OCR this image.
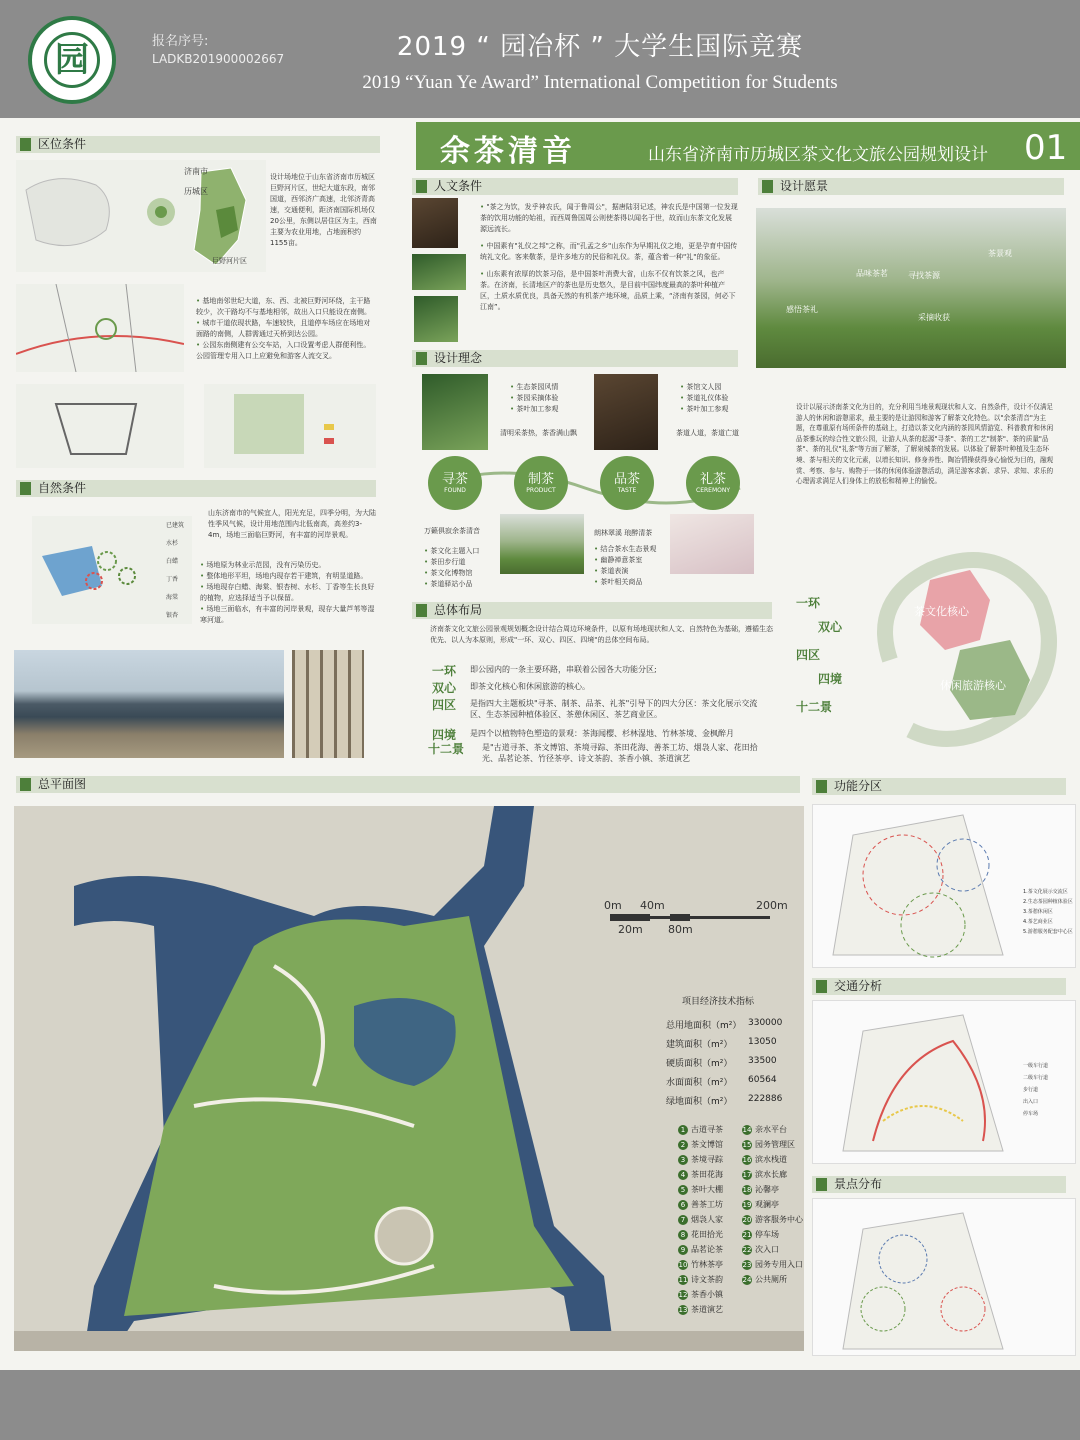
园	报名序号:
LADKB201900002667	2019 “ 园冶杯 ” 大学生国际竞赛
2019 “Yuan Ye Award” International Competition for Students
区位条件
济南市
历城区
巨野河片区
设计场地位于山东省济南市历城区巨野河片区，世纪大道东段，南邻国道，西邻济广高速，北邻济青高速，交通便利，距济南国际机场仅20公里，东侧以居住区为主，西南主要为农业用地，占地面积约1155亩。
• 基地南邻世纪大道，东、西、北被巨野河环绕，主干路较少，次干路均不与基地相邻，故出入口只能设在南侧。
• 城市干道依现状路，车速较快，且道停车场应在场地对面路的南侧，人群需通过天桥到达公园。
• 公园东南侧建有公交车站，入口设置考虑人群便利性。公园管理专用入口上应避免和游客人流交叉。
自然条件
已建筑
水杉
白蜡
丁香
海棠
银杏
山东济南市的气候宜人，阳光充足，四季分明，为大陆性季风气候，设计用地范围内北低南高，高差约3-4m，场地三面临巨野河，有丰富的河岸景观。
• 场地原为林业示范园，没有污染历史。
• 整体地形平坦，场地内现存若干建筑，有明显道路。
• 场地现存白蜡、海棠、银杏树、水杉、丁香等生长良好的植物，应选择适当予以保留。
• 场地三面临水，有丰富的河岸景观，现存大量芦苇等湿寒河道。
余茶清音	山东省济南市历城区茶文化文旅公园规划设计 01
人文条件
• "茶之为饮，发乎神农氏，闻于鲁周公"，据唐陆羽记述，神农氏是中国第一位发现茶的饮用功能的始祖，而西周鲁国周公则使茶得以闻名于世，故而山东茶文化发展源远流长。
• 中国素有"礼仪之邦"之称，而"孔孟之乡"山东作为早期礼仪之地，更是孕育中国传统礼文化。客来敬茶，是许多地方的民俗和礼仪。茶，蕴含着一种"礼"的象征。
• 山东素有浓厚的饮茶习俗，是中国茶叶消费大省，山东不仅有饮茶之风，也产茶。在济南，长清地区产的茶也是历史悠久，是目前中国纬度最高的茶叶种植产区，土质水质优良，具备天然的有机茶产地环境，品质上乘，“济南有茶园，何必下江南”。
设计理念
• 生态茶园风情
• 茶园采摘体验
• 茶叶加工参观
• 茶馆文人园
• 茶道礼仪体验
• 茶叶加工参观
清明采茶热，茶香满山飘	茶道人道，茶道亡道
寻茶
FOUND
制茶
PRODUCT
品茶
TASTE
礼茶
CEREMONY
万籁俱寂余茶清音
• 茶文化主题入口
• 茶田步行道
• 茶文化博物馆
• 茶道驿站小品
朗林翠溪 琅醉清茶
• 结合茶水生态景观
• 幽静禅意茶室
• 茶道表演
• 茶叶相关商品
设计愿景
品味茶茗	寻找茶源
茶景观
感悟茶礼
采摘收获
设计以展示济南茶文化为目的，充分利用当地景观现状和人文、自然条件，设计不仅满足游人的休闲和游憩需求，最主要的是让游园和游客了解茶文化特色。以"余茶清音"为主题，在尊重原有场所条件的基础上，打造以茶文化内涵的茶园风情游览、科普教育和休闲品茶雅玩的综合性文旅公园，让游人从茶的起源"寻茶"、茶的工艺"制茶"、茶的质量"品茶"、茶的礼仪"礼茶"等方面了解茶，了解泉城茶的发展。以体验了解茶叶种植及生态环境、茶与相关的文化元素，以增长知识、修身养性、陶冶情操获得身心愉悦为目的，融观赏、考察、参与、购物于一体的休闲体验游憩活动，满足游客求新、求异、求知、求乐的心理需求满足人们身体上的放松和精神上的愉悦。
总体布局
济南茶文化文旅公园景观规划概念设计结合周边环境条件，以原有场地现状和人文、自然特色为基础，遵循生态优先、以人为本原则，形成"一环、双心、四区、四境"的总体空间布局。
一环 即公园内的一条主要环路，串联着公园各大功能分区;
双心 即茶文化核心和休闲旅游的核心。
四区 是指四大主题板块"寻茶、制茶、品茶、礼茶"引导下的四大分区：茶文化展示交流区、生态茶园种植体验区、茶憩休闲区、茶艺商业区。
四境 是四个以植物特色塑造的景观：茶海闻樱、杉林湿地、竹林茶境、金枫醉月
十二景 是"古道寻茶、茶文博馆、茶境寻踪、茶田花海、善茶工坊、烟袅人家、花田拾光、品茗论茶、竹径茶亭、诗文茶韵、茶香小镇、茶道演艺
一环
双心
四区
四境
十二景
茶文化核心
休闲旅游核心
总平面图
0m 40m	200m
20m 80m
项目经济技术指标
总用地面积（m²） 330000
建筑面积（m²） 13050
硬质面积（m²） 33500
水面面积（m²） 60564
绿地面积（m²） 222886
1 古道寻茶
2 茶文博馆
3 茶境寻踪
4 茶田花海
5 茶叶大棚
6 善茶工坊
7 烟袅人家
8 花田拾光
9 品茗论茶
10 竹林茶亭
11 诗文茶韵
12 茶香小镇
13 茶道演艺
14 亲水平台
15 园务管理区
16 滨水栈道
17 滨水长廊
18 沁馨亭
19 观澜亭
20 游客服务中心
21 停车场
22 次入口
23 园务专用入口
24 公共厕所
功能分区
1.茶文化展示交流区
2.生态茶园种植体验区
3.茶憩休闲区
4.茶艺商业区
5.游憩服务配套中心区
交通分析
一级车行道
二级车行道
步行道
出入口
停车场
景点分布
